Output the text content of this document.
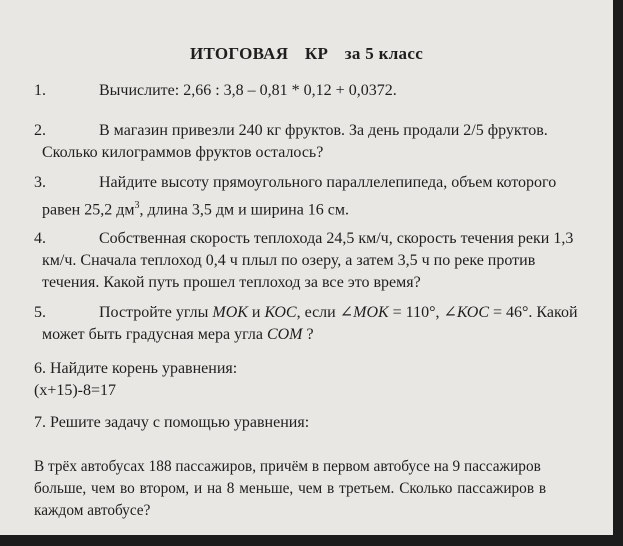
ИТОГОВАЯ КР за 5 класс
1.	Вычислите: 2,66 : 3,8 – 0,81 * 0,12 + 0,0372.
2.	В магазин привезли 240 кг фруктов. За день продали 2/5 фруктов.
Сколько килограммов фруктов осталось?
3.	Найдите высоту прямоугольного параллелепипеда, объем которого
равен 25,2 $дм^3$, длина 3,5 дм и ширина 16 см.
4.	Собственная скорость теплохода 24,5 км/ч, скорость течения реки 1,3
км/ч. Сначала теплоход 0,4 ч плыл по озеру, а затем 3,5 ч по реке против
течения. Какой путь прошел теплоход за все это время?
5.	Постройте углы МОК и КОС, если ∠МОК = 110°, ∠КОС = 46°. Какой
может быть градусная мера угла СОМ ?
6. Найдите корень уравнения:
(x+15)-8=17
7. Решите задачу с помощью уравнения:
В трёх автобусах 188 пассажиров, причём в первом автобусе на 9 пассажиров
больше, чем во втором, и на 8 меньше, чем в третьем. Сколько пассажиров в
каждом автобусе?
